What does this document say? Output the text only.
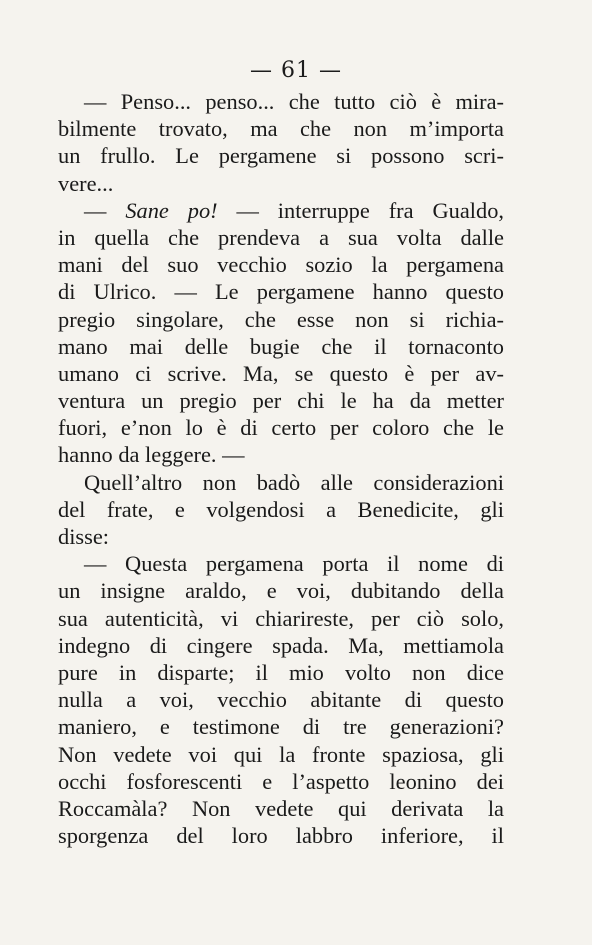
— 61 —
— Penso... penso... che tutto ciò è mira-
bilmente trovato, ma che non m’importa
un frullo. Le pergamene si possono scri-
vere...
— Sane po! — interruppe fra Gualdo,
in quella che prendeva a sua volta dalle
mani del suo vecchio sozio la pergamena
di Ulrico. — Le pergamene hanno questo
pregio singolare, che esse non si richia-
mano mai delle bugie che il tornaconto
umano ci scrive. Ma, se questo è per av-
ventura un pregio per chi le ha da metter
fuori, e’non lo è di certo per coloro che le
hanno da leggere. —
Quell’altro non badò alle considerazioni
del frate, e volgendosi a Benedicite, gli
disse:
— Questa pergamena porta il nome di
un insigne araldo, e voi, dubitando della
sua autenticità, vi chiarireste, per ciò solo,
indegno di cingere spada. Ma, mettiamola
pure in disparte; il mio volto non dice
nulla a voi, vecchio abitante di questo
maniero, e testimone di tre generazioni?
Non vedete voi qui la fronte spaziosa, gli
occhi fosforescenti e l’aspetto leonino dei
Roccamàla? Non vedete qui derivata la
sporgenza del loro labbro inferiore, il
